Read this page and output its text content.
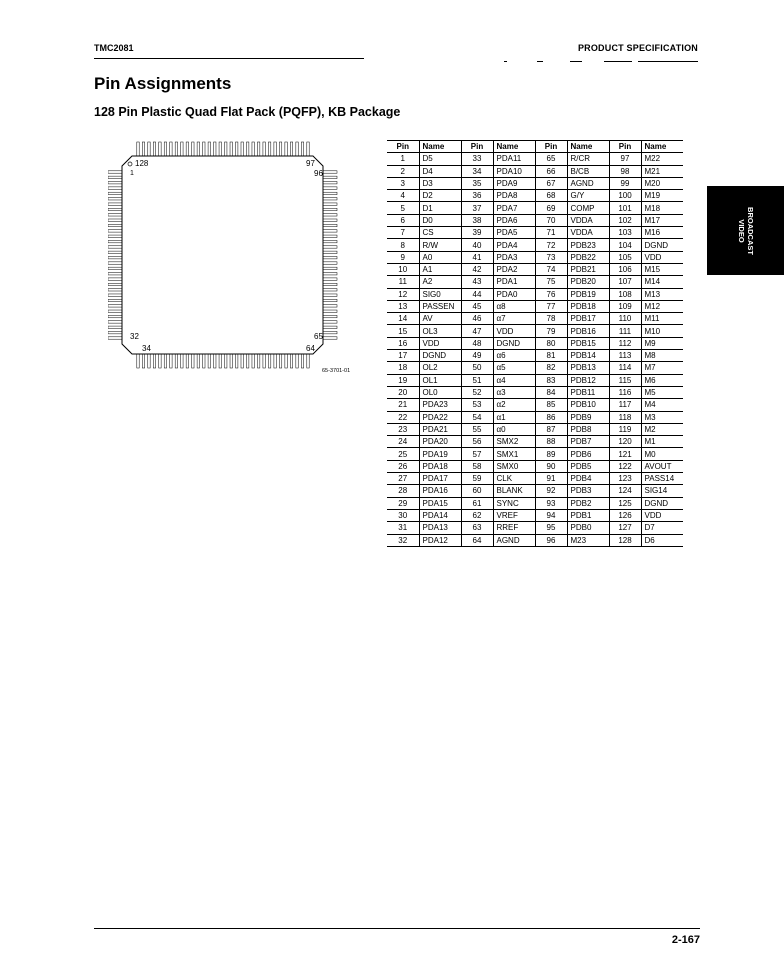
TMC2081	PRODUCT SPECIFICATION
Pin Assignments
128 Pin Plastic Quad Flat Pack (PQFP), KB Package
BROADCAST
VIDEO
128
1
97
96
32
34	64
65
65-3701-01
Pin	Name	Pin	Name	Pin	Name	Pin	Name
1	D5	33	PDA11	65	R/CR	97	M22
2	D4	34	PDA10	66	B/CB	98	M21
3	D3	35	PDA9	67	AGND	99	M20
4	D2	36	PDA8	68	G/Y	100	M19
5	D1	37	PDA7	69	COMP	101	M18
6	D0	38	PDA6	70	VDDA	102	M17
7	CS	39	PDA5	71	VDDA	103	M16
8	R/W	40	PDA4	72	PDB23	104	DGND
9	A0	41	PDA3	73	PDB22	105	VDD
10	A1	42	PDA2	74	PDB21	106	M15
11	A2	43	PDA1	75	PDB20	107	M14
12	SIG0	44	PDA0	76	PDB19	108	M13
13	PASSEN	45	α8	77	PDB18	109	M12
14	AV	46	α7	78	PDB17	110	M11
15	OL3	47	VDD	79	PDB16	111	M10
16	VDD	48	DGND	80	PDB15	112	M9
17	DGND	49	α6	81	PDB14	113	M8
18	OL2	50	α5	82	PDB13	114	M7
19	OL1	51	α4	83	PDB12	115	M6
20	OL0	52	α3	84	PDB11	116	M5
21	PDA23	53	α2	85	PDB10	117	M4
22	PDA22	54	α1	86	PDB9	118	M3
23	PDA21	55	α0	87	PDB8	119	M2
24	PDA20	56	SMX2	88	PDB7	120	M1
25	PDA19	57	SMX1	89	PDB6	121	M0
26	PDA18	58	SMX0	90	PDB5	122	AVOUT
27	PDA17	59	CLK	91	PDB4	123	PASS14
28	PDA16	60	BLANK	92	PDB3	124	SIG14
29	PDA15	61	SYNC	93	PDB2	125	DGND
30	PDA14	62	VREF	94	PDB1	126	VDD
31	PDA13	63	RREF	95	PDB0	127	D7
32	PDA12	64	AGND	96	M23	128	D6
2-167
